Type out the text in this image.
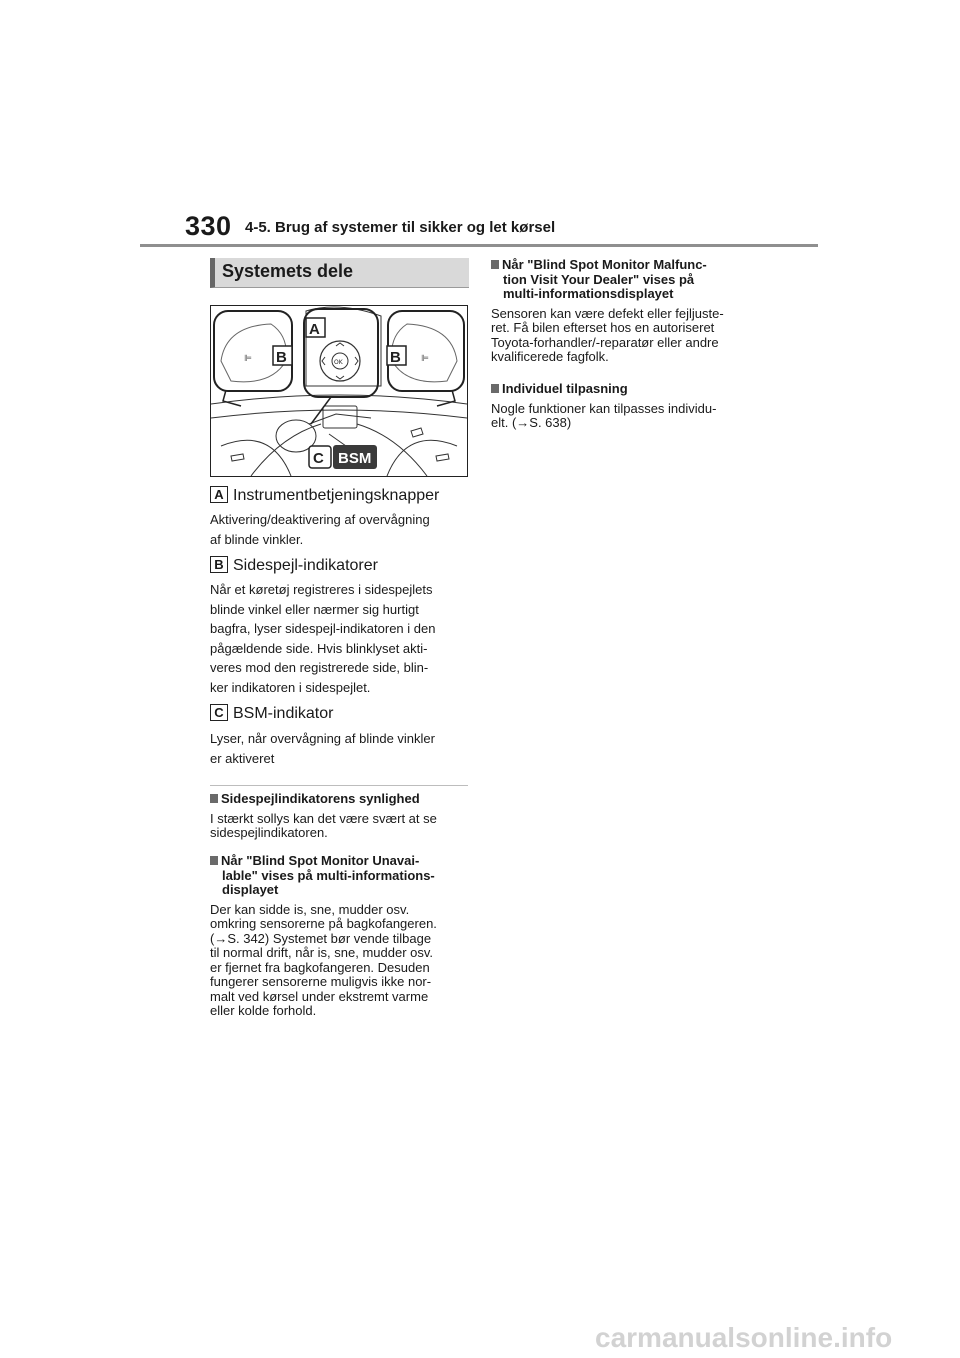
330 4-5. Brug af systemer til sikker og let kørsel
Systemets dele
⊫	⊫
OK
A
B	B
C BSM
A Instrumentbetjeningsknapper
Aktivering/deaktivering af overvågning
af blinde vinkler.
B Sidespejl-indikatorer
Når et køretøj registreres i sidespejlets
blinde vinkel eller nærmer sig hurtigt
bagfra, lyser sidespejl-indikatoren i den
pågældende side. Hvis blinklyset akti-
veres mod den registrerede side, blin-
ker indikatoren i sidespejlet.
C BSM-indikator
Lyser, når overvågning af blinde vinkler
er aktiveret
Sidespejlindikatorens synlighed
I stærkt sollys kan det være svært at se
sidespejlindikatoren.
Når "Blind Spot Monitor Unavai-
lable" vises på multi-informations-
displayet
Der kan sidde is, sne, mudder osv.
omkring sensorerne på bagkofangeren.
(→S. 342) Systemet bør vende tilbage
til normal drift, når is, sne, mudder osv.
er fjernet fra bagkofangeren. Desuden
fungerer sensorerne muligvis ikke nor-
malt ved kørsel under ekstremt varme
eller kolde forhold.
Når "Blind Spot Monitor Malfunc-
tion Visit Your Dealer" vises på
multi-informationsdisplayet
Sensoren kan være defekt eller fejljuste-
ret. Få bilen efterset hos en autoriseret
Toyota-forhandler/-reparatør eller andre
kvalificerede fagfolk.
Individuel tilpasning
Nogle funktioner kan tilpasses individu-
elt. (→S. 638)
carmanualsonline.info
